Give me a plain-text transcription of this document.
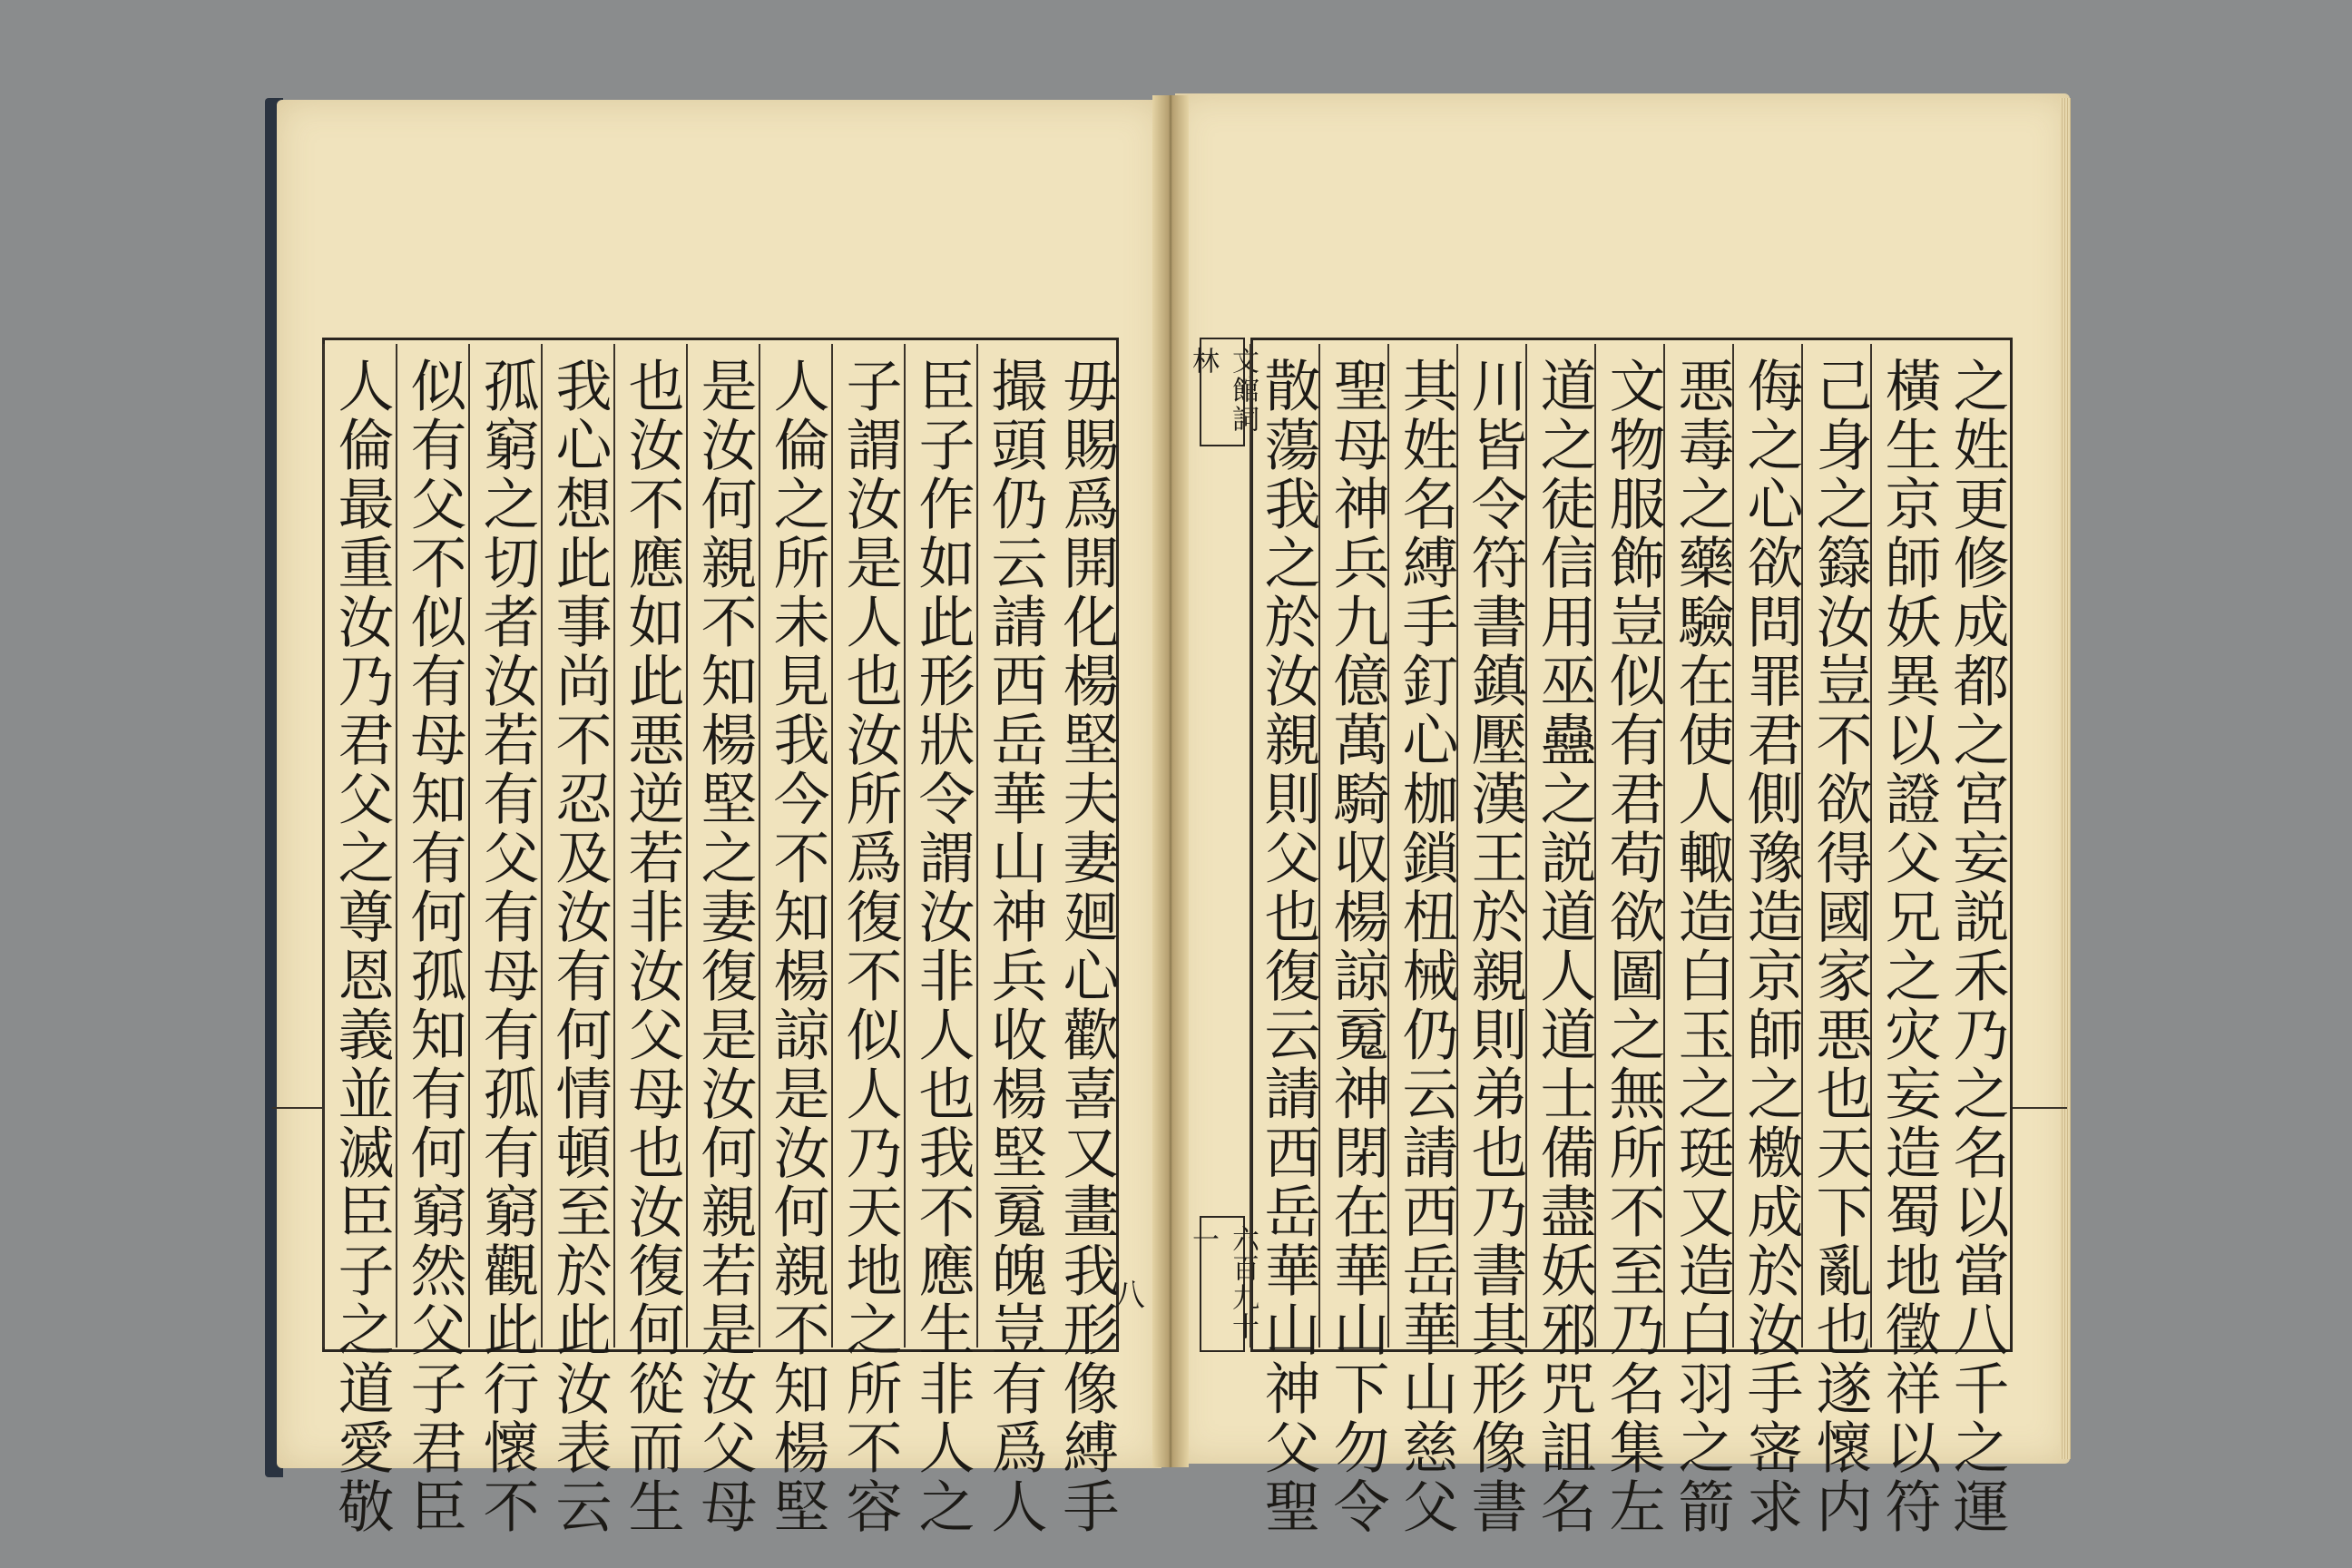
毋賜爲開化楊堅夫妻廻心歡喜又畫我形像縛手
撮頭仍云請西岳華山神兵收楊堅䰟魄豈有爲人
臣子作如此形狀令謂汝非人也我不應生非人之
子謂汝是人也汝所爲復不似人乃天地之所不容
人倫之所未見我今不知楊諒是汝何親不知楊堅
是汝何親不知楊堅之妻復是汝何親若是汝父母
也汝不應如此悪逆若非汝父母也汝復何從而生
我心想此事尚不忍及汝有何情頓至於此汝表云
孤窮之切者汝若有父有母有孤有窮觀此行懷不
似有父不似有母知有何孤知有何窮然父子君臣
人倫最重汝乃君父之尊恩義並滅臣子之道愛敬	八
文館詞林
六百九十一	之姓更修成都之宮妄説禾乃之名以當八千之運
橫生京師妖異以證父兄之灾妄造蜀地徵祥以符
己身之籙汝豈不欲得國家悪也天下亂也遂懷内
侮之心欲問罪君側豫造京師之檄成於汝手宻求
悪毒之藥驗在使人輙造白玉之珽又造白羽之箭
文物服飾豈似有君苟欲圖之無所不至乃名集左
道之徒信用巫蠱之説道人道士備盡妖邪咒詛名
川皆令符書鎮壓漢王於親則弟也乃書其形像書
其姓名縛手釘心枷鎖杻械仍云請西岳華山慈父
聖母神兵九億萬騎収楊諒䰟神閉在華山下勿令
散蕩我之於汝親則父也復云請西岳華山神父聖
